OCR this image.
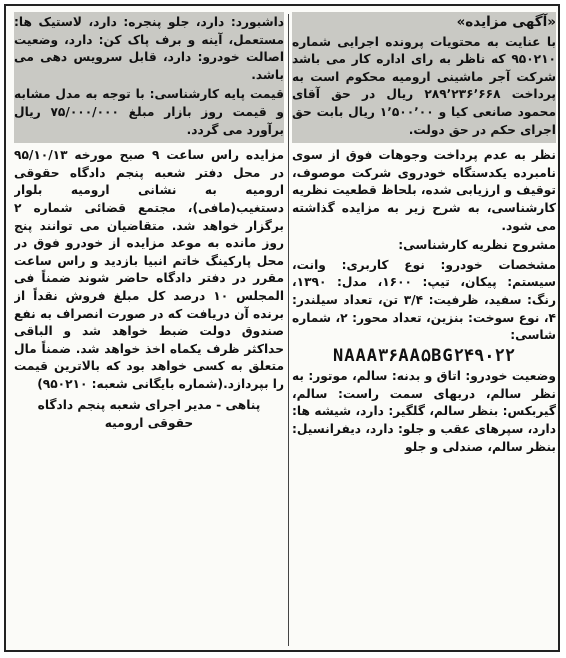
«آگهی مزایده»
با عنایت به محتویات پرونده اجرایی شماره ۹۵۰۲۱۰ که ناظر به رای اداره کار می باشد شرکت آجر ماشینی ارومیه محکوم است به پرداخت ۲۸۹٬۲۳۶٬۶۶۸ ریال در حق آقای محمود صانعی کیا و ۱٬۵۰۰٬۰۰ ریال بابت حق اجرای حکم در حق دولت.
نظر به عدم پرداخت وجوهات فوق از سوی نامبرده یکدستگاه خودروی شرکت موصوف، توقیف و ارزیابی شده، بلحاظ قطعیت نظریه کارشناسی، به شرح زیر به مزایده گذاشته می شود.
مشروح نظریه کارشناسی:
مشخصات خودرو: نوع کاربری: وانت، سیستم: پیکان، تیپ: ۱۶۰۰، مدل: ۱۳۹۰، رنگ: سفید، ظرفیت: ۳/۴ تن، تعداد سیلندر: ۴، نوع سوخت: بنزین، تعداد محور: ۲، شماره شاسی:
NAAA۳۶AA۵BG۲۴۹۰۲۲
وضعیت خودرو: اتاق و بدنه: سالم، موتور: به نظر سالم، دربهای سمت راست: سالم، گیربکس: بنظر سالم، گلگیر: دارد، شیشه ها: دارد، سپرهای عقب و جلو: دارد، دیفرانسیل: بنظر سالم، صندلی و جلو
داشبورد: دارد، جلو پنجره: دارد، لاستیک ها: مستعمل، آینه و برف پاک کن: دارد، وضعیت اصالت خودرو: دارد، قابل سرویس دهی می باشد.
قیمت پایه کارشناسی: با توجه به مدل مشابه و قیمت روز بازار مبلغ ۷۵/۰۰۰/۰۰۰ ریال برآورد می گردد.
مزایده راس ساعت ۹ صبح مورخه ۹۵/۱۰/۱۳ در محل دفتر شعبه پنجم دادگاه حقوقی ارومیه به نشانی ارومیه بلوار دستغیب(مافی)، مجتمع قضائی شماره ۲ برگزار خواهد شد. متقاضیان می توانند پنج روز مانده به موعد مزایده از خودرو فوق در محل پارکینگ خاتم انبیا بازدید و راس ساعت مقرر در دفتر دادگاه حاضر شوند ضمناً فی المجلس ۱۰ درصد کل مبلغ فروش نقداً از برنده آن دریافت که در صورت انصراف به نفع صندوق دولت ضبط خواهد شد و الباقی حداکثر ظرف یکماه اخذ خواهد شد. ضمناً مال متعلق به کسی خواهد بود که بالاترین قیمت را بپردازد.(شماره بایگانی شعبه: ۹۵۰۲۱۰)
پناهی - مدیر اجرای شعبه پنجم دادگاه حقوقی ارومیه
